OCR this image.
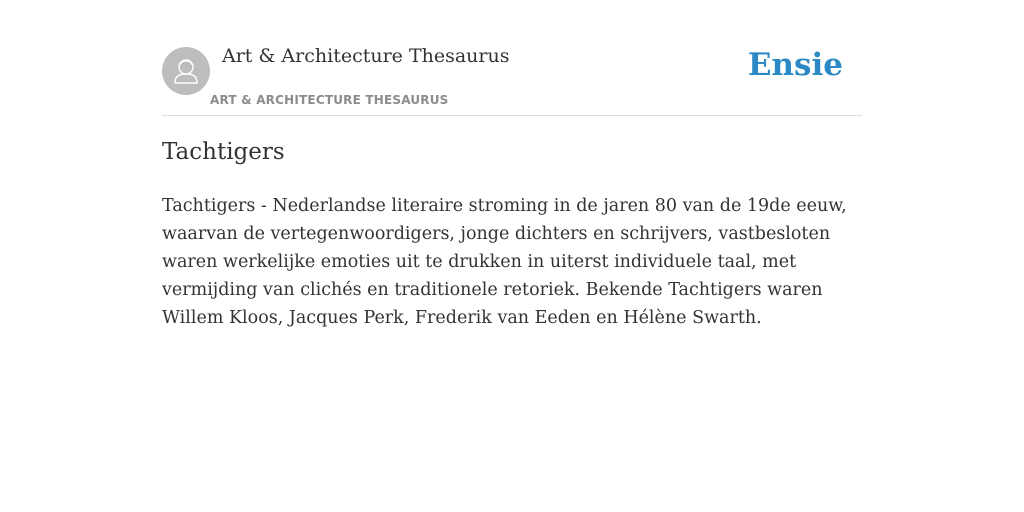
Art & Architecture Thesaurus
ART & ARCHITECTURE THESAURUS
Ensie
Tachtigers

Tachtigers - Nederlandse literaire stroming in de jaren 80 van de 19de eeuw, waarvan de vertegenwoordigers, jonge dichters en schrijvers, vastbesloten waren werkelijke emoties uit te drukken in uiterst individuele taal, met vermijding van clichés en traditionele retoriek. Bekende Tachtigers waren Willem Kloos, Jacques Perk, Frederik van Eeden en Hélène Swarth.
